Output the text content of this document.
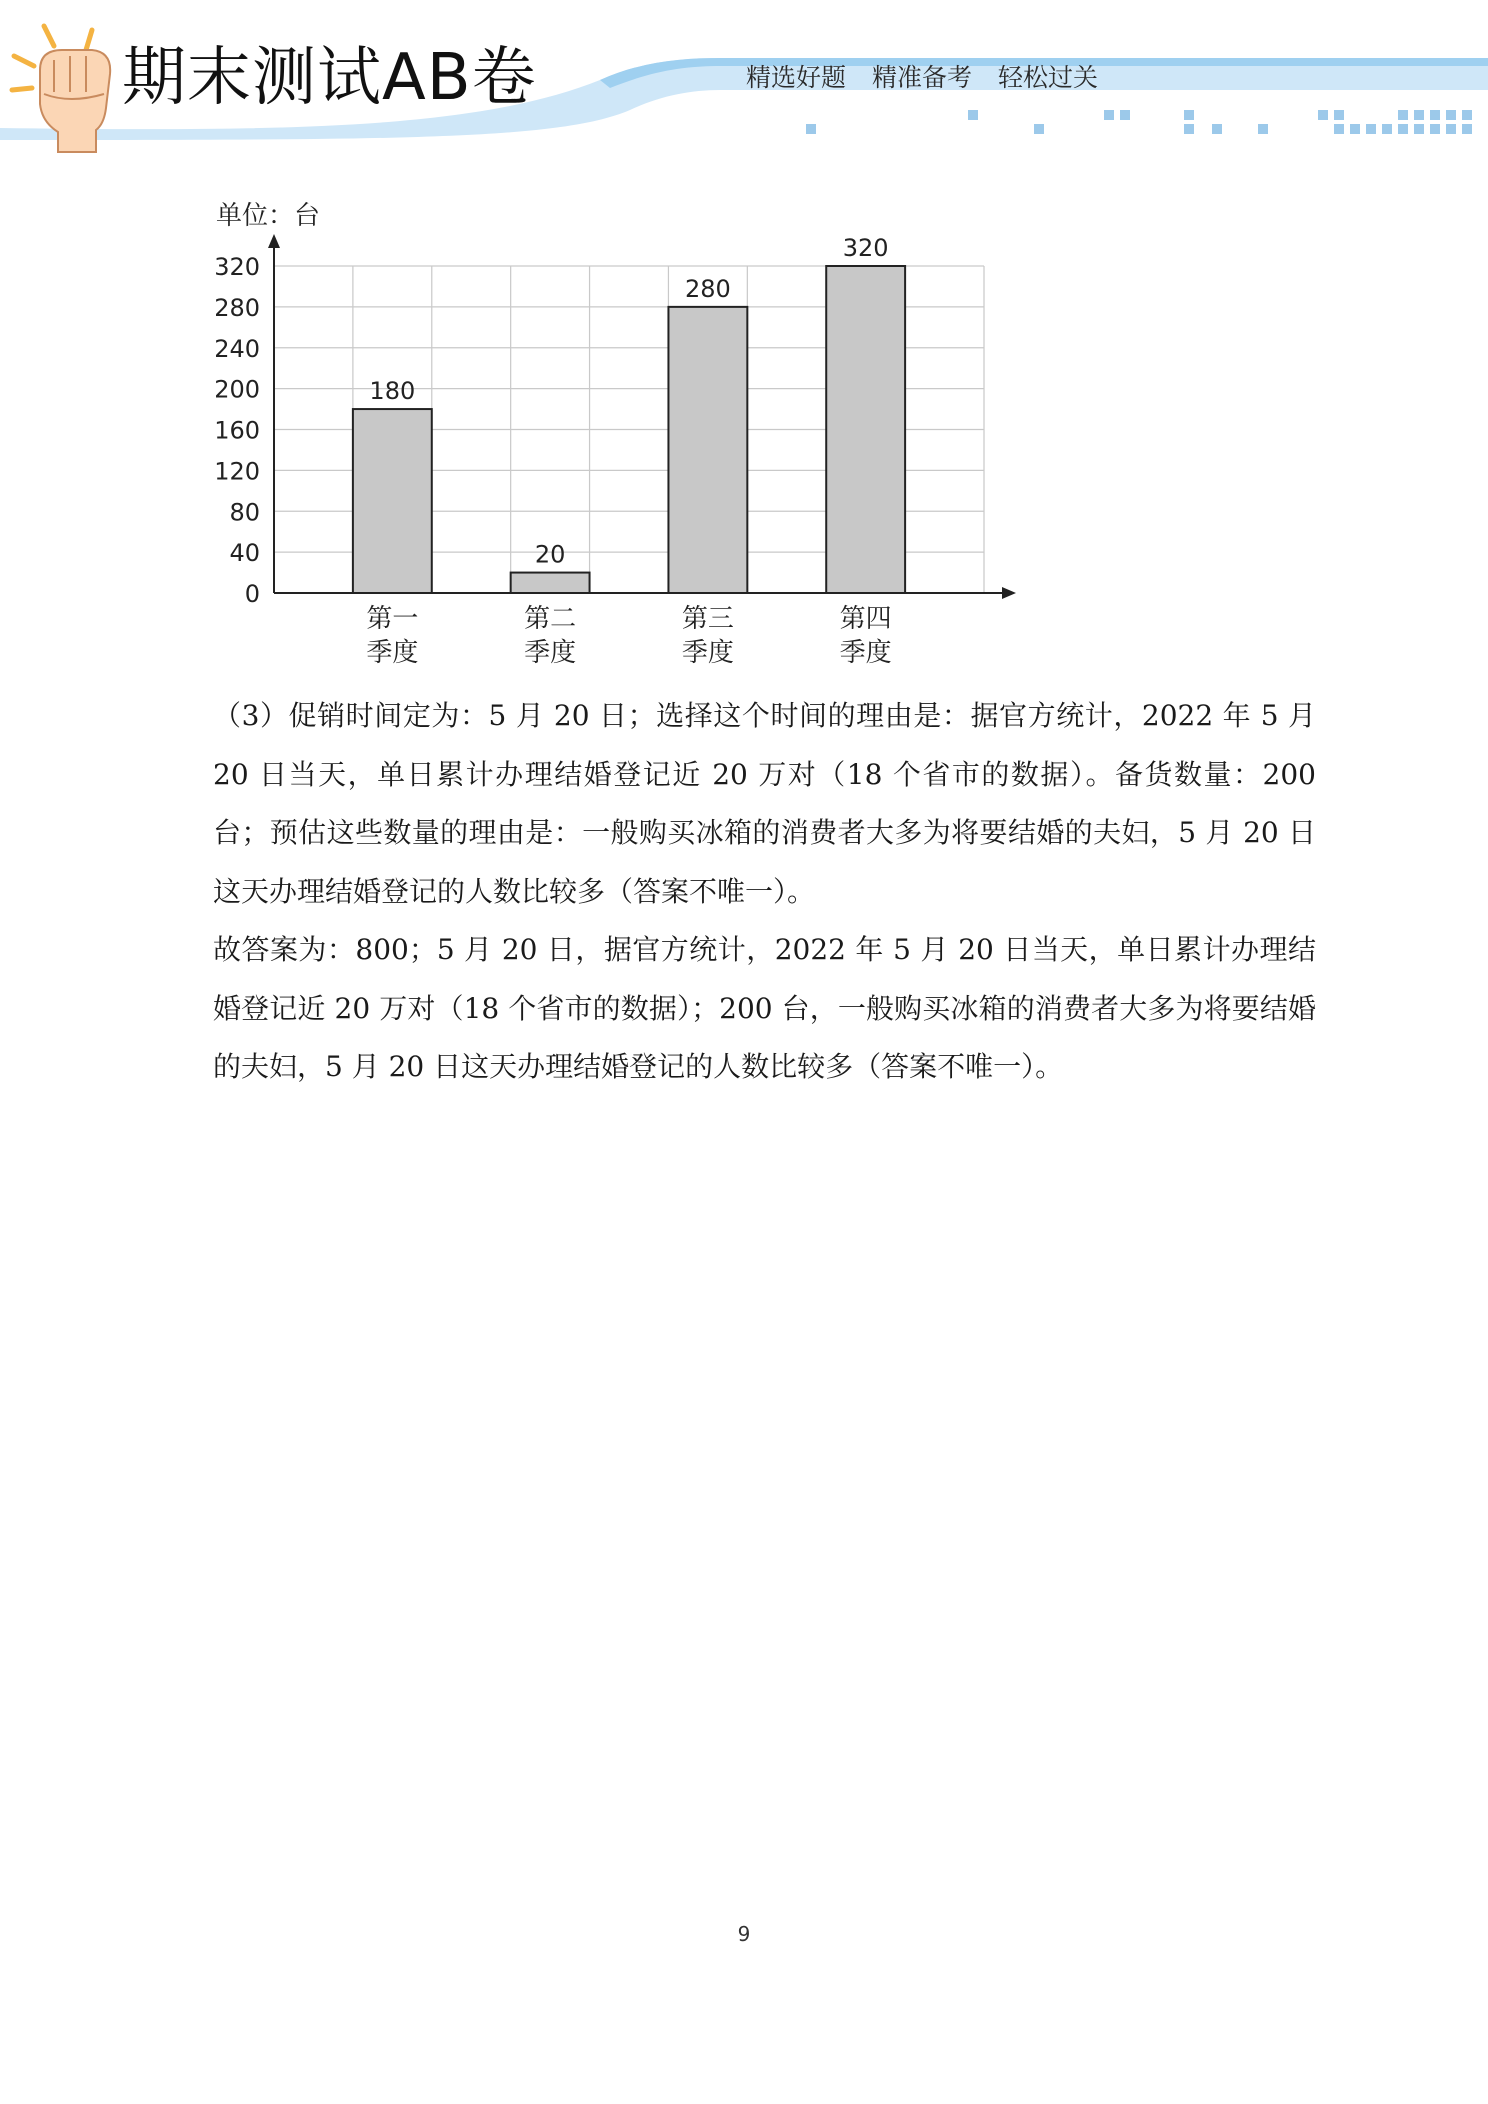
期末测试AB卷	精选好题 精准备考 轻松过关
0
40
80
120
160
200
240
280
320
单位：台
180
第一
季度
20
第二
季度
280
第三
季度
320
第四
季度

（3）促销时间定为：5 月 20 日；选择这个时间的理由是：据官方统计，2022 年 5 月 20 日当天，单日累计办理结婚登记近 20 万对（18 个省市的数据）。备货数量：200 台；预估这些数量的理由是：一般购买冰箱的消费者大多为将要结婚的夫妇，5 月 20 日这天办理结婚登记的人数比较多（答案不唯一）。

故答案为：800；5 月 20 日，据官方统计，2022 年 5 月 20 日当天，单日累计办理结婚登记近 20 万对（18 个省市的数据）；200 台，一般购买冰箱的消费者大多为将要结婚的夫妇，5 月 20 日这天办理结婚登记的人数比较多（答案不唯一）。

9
